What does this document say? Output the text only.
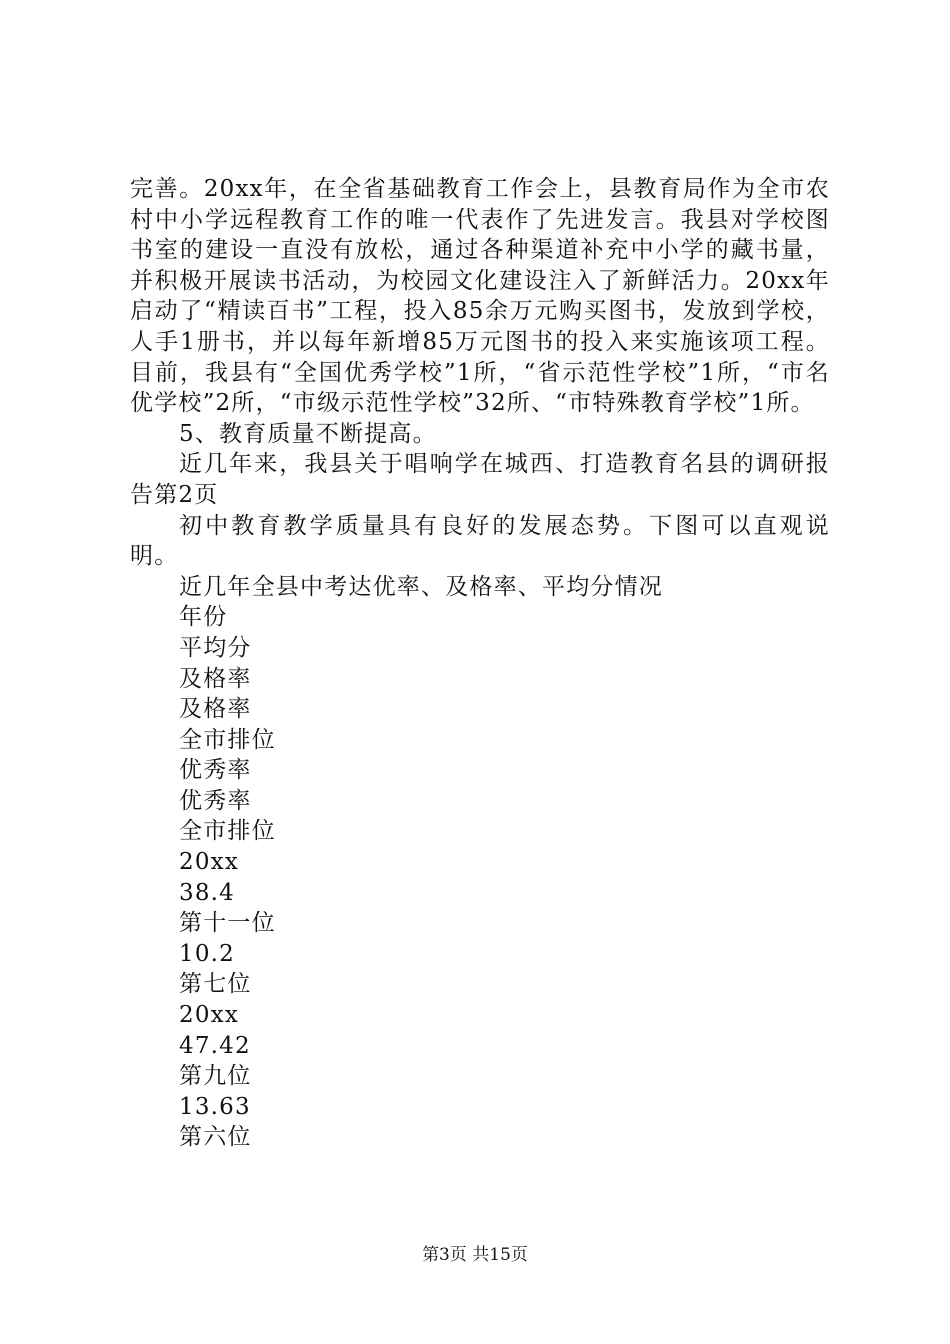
完善。20xx年，在全省基础教育工作会上，县教育局作为全市农村中小学远程教育工作的唯一代表作了先进发言。我县对学校图书室的建设一直没有放松，通过各种渠道补充中小学的藏书量，并积极开展读书活动，为校园文化建设注入了新鲜活力。20xx年启动了“精读百书”工程，投入85余万元购买图书，发放到学校，人手1册书，并以每年新增85万元图书的投入来实施该项工程。目前，我县有“全国优秀学校”1所，“省示范性学校”1所，“市名优学校”2所，“市级示范性学校”32所、“市特殊教育学校”1所。

5、教育质量不断提高。

近几年来，我县关于唱响学在城西、打造教育名县的调研报告第2页

初中教育教学质量具有良好的发展态势。下图可以直观说明。

近几年全县中考达优率、及格率、平均分情况

年份

平均分

及格率

及格率

全市排位

优秀率

优秀率

全市排位

20xx

38.4

第十一位

10.2

第七位

20xx

47.42

第九位

13.63

第六位

第3页 共15页
